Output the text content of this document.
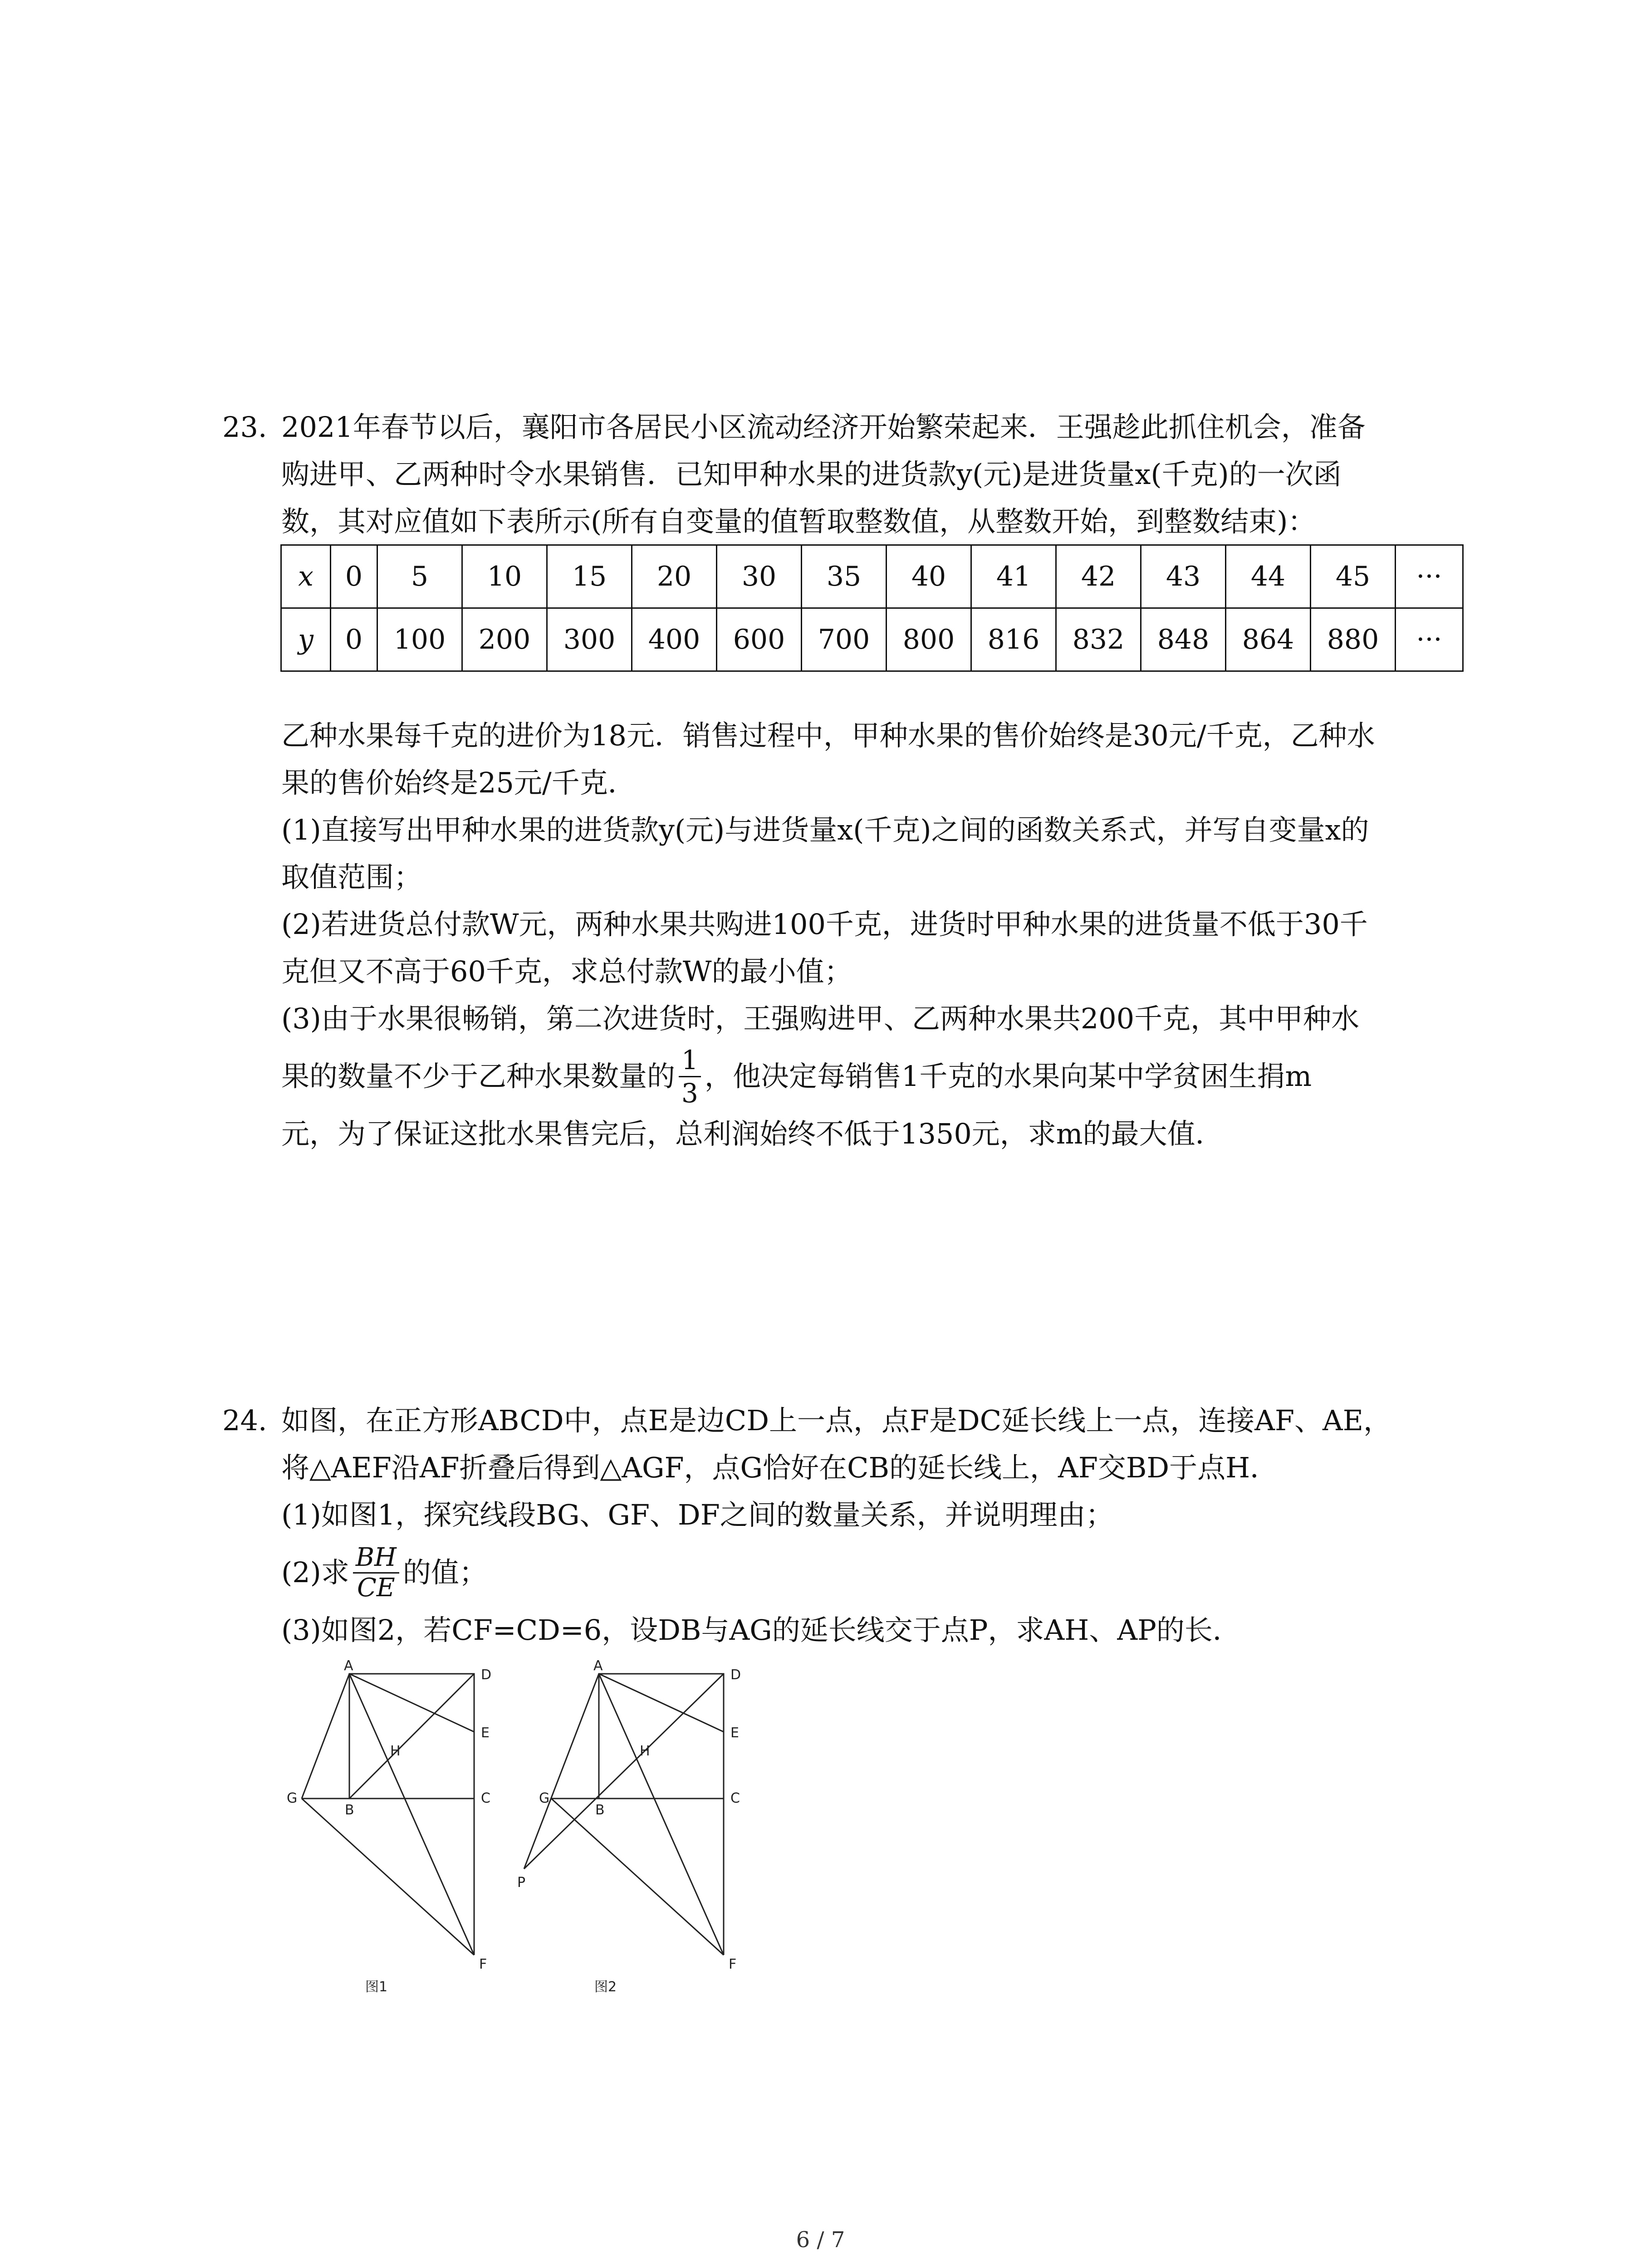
23. 2021年春节以后，襄阳市各居民小区流动经济开始繁荣起来．王强趁此抓住机会，准备
购进甲、乙两种时令水果销售．已知甲种水果的进货款y(元)是进货量x(千克)的一次函
数，其对应值如下表所示(所有自变量的值暂取整数值，从整数开始，到整数结束)：
x	0	5	10	15	20	30	35	40	41	42	43	44	45	···
y	0	100	200	300	400	600	700	800	816	832	848	864	880	···
乙种水果每千克的进价为18元．销售过程中，甲种水果的售价始终是30元/千克，乙种水
果的售价始终是25元/千克．
(1)直接写出甲种水果的进货款y(元)与进货量x(千克)之间的函数关系式，并写自变量x的
取值范围；
(2)若进货总付款W元，两种水果共购进100千克，进货时甲种水果的进货量不低于30千
克但又不高于60千克，求总付款W的最小值；
(3)由于水果很畅销，第二次进货时，王强购进甲、乙两种水果共200千克，其中甲种水
果的数量不少于乙种水果数量的 $\frac{1}{3}$ ，他决定每销售1千克的水果向某中学贫困生捐m
元，为了保证这批水果售完后，总利润始终不低于1350元，求m的最大值．
24. 如图，在正方形ABCD中，点E是边CD上一点，点F是DC延长线上一点，连接AF、AE，
将△AEF沿AF折叠后得到△AGF，点G恰好在CB的延长线上，AF交BD于点H．
(1)如图1，探究线段BG、GF、DF之间的数量关系，并说明理由；
(2)求 $\frac{BH}{CE}$ 的值；
(3)如图2，若CF=CD=6，设DB与AG的延长线交于点P，求AH、AP的长．
A
D
E
H
G
B
C
F
图1
A
D
E
H
G
B
C
P
F
图2
6 / 7
